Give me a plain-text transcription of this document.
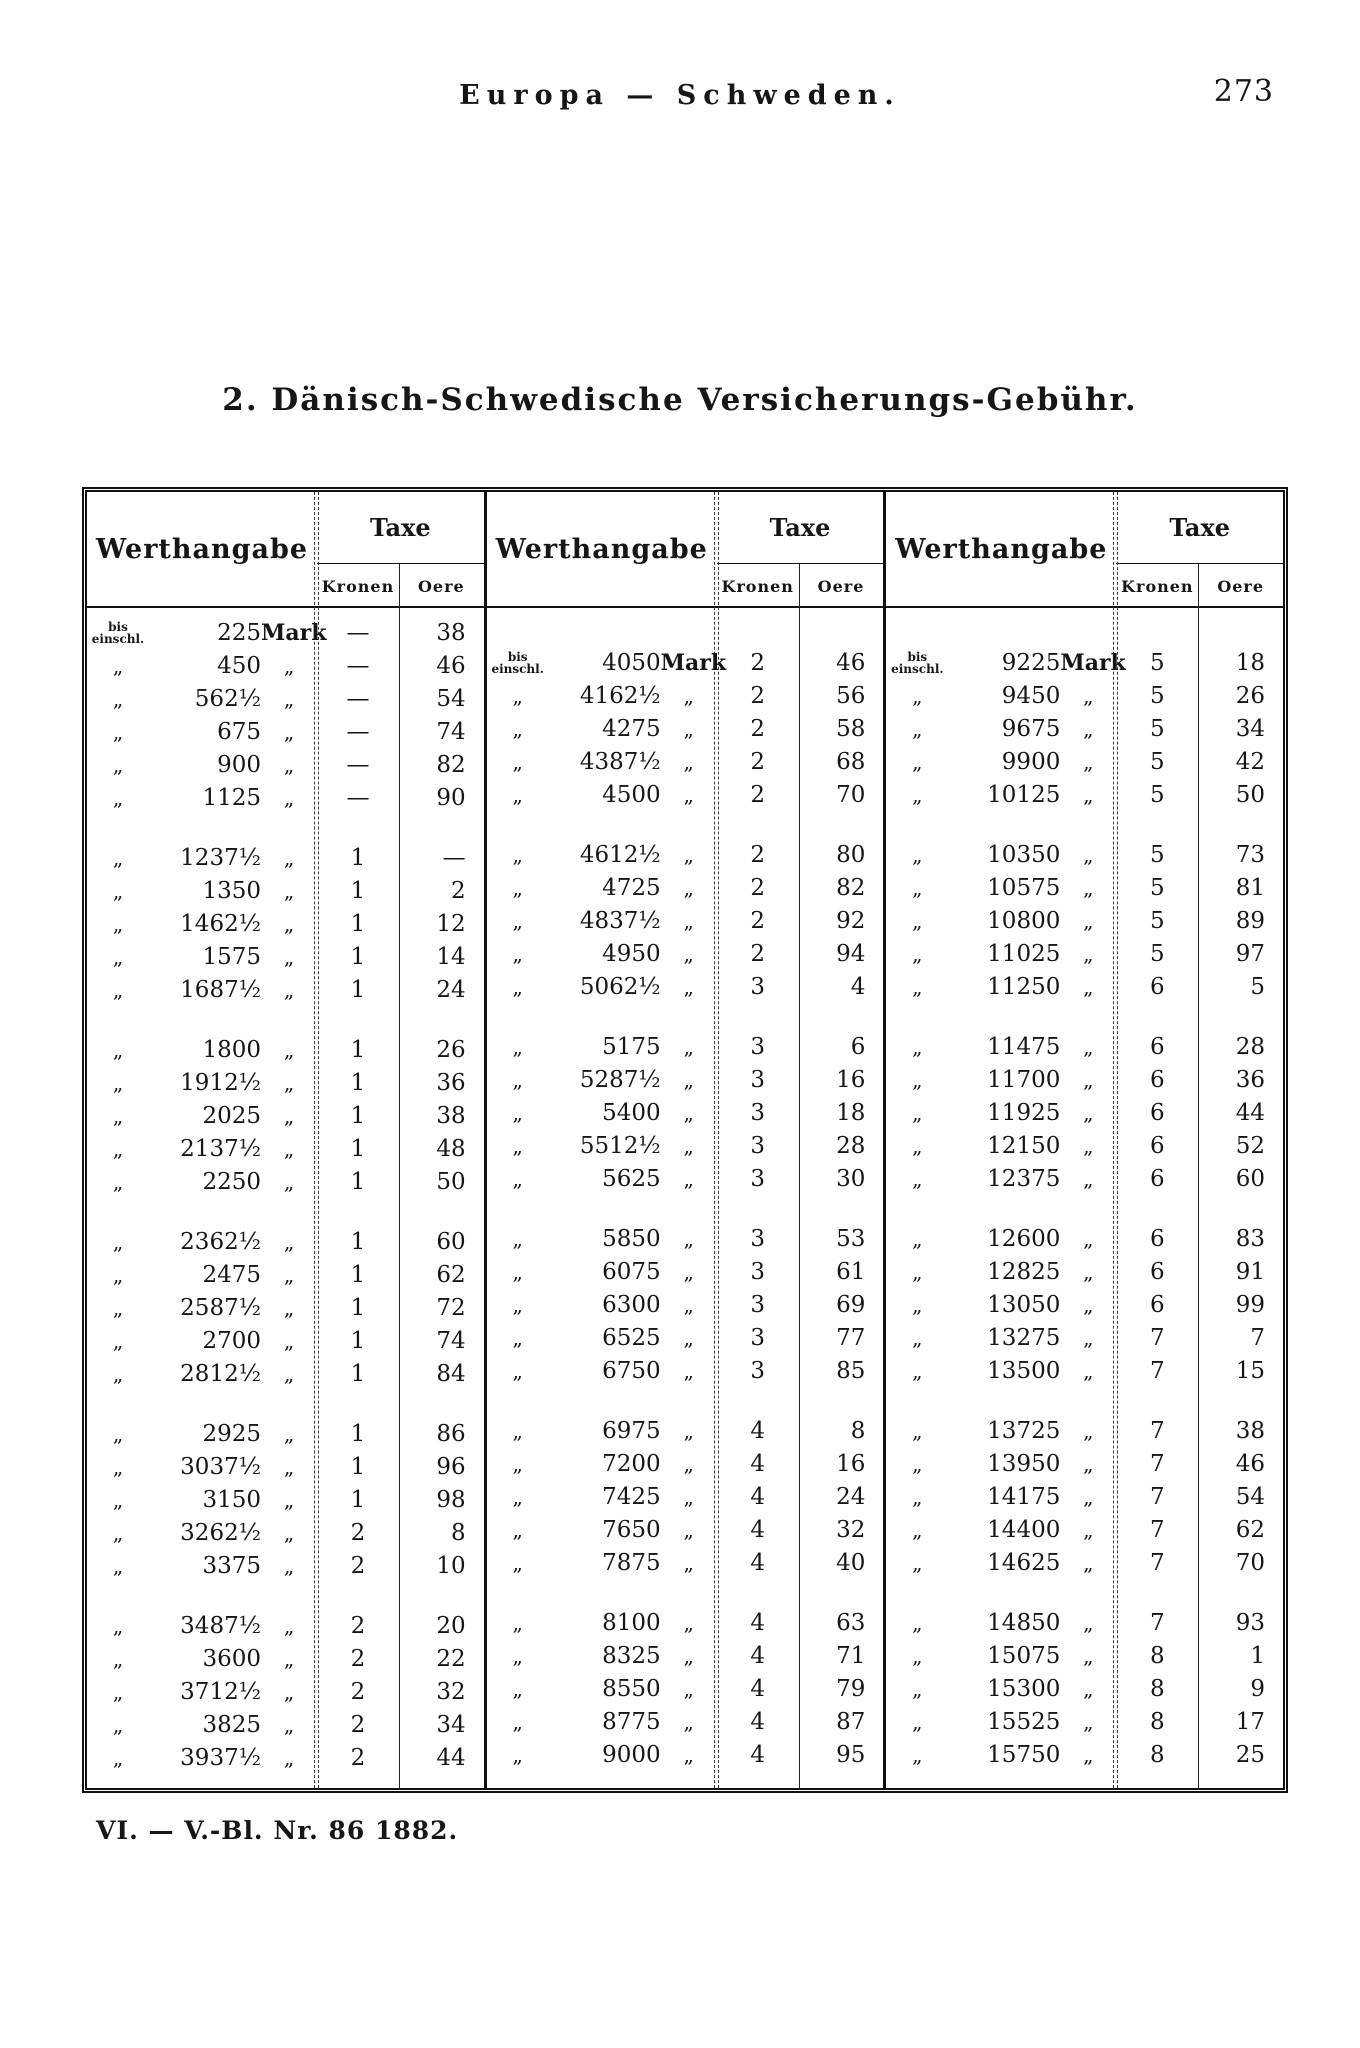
Europa — Schweden.	273
2. Dänisch-Schwedische Versicherungs-Gebühr.
Werthangabe
Taxe
Kronen	Oere
bis
einschl.	225 Mark —	38
„	450	„	—	46
„	562½	„	—	54
„	675	„	—	74
„	900	„	—	82
„	1125	„	—	90
„	1237½	„	1	—
„	1350	„	1	2
„	1462½	„	1	12
„	1575	„	1	14
„	1687½	„	1	24
„	1800	„	1	26
„	1912½	„	1	36
„	2025	„	1	38
„	2137½	„	1	48
„	2250	„	1	50
„	2362½	„	1	60
„	2475	„	1	62
„	2587½	„	1	72
„	2700	„	1	74
„	2812½	„	1	84
„	2925	„	1	86
„	3037½	„	1	96
„	3150	„	1	98
„	3262½	„	2	8
„	3375	„	2	10
„	3487½	„	2	20
„	3600	„	2	22
„	3712½	„	2	32
„	3825	„	2	34
„	3937½	„	2	44
Werthangabe
Taxe
Kronen	Oere
bis
einschl.	4050 Mark	2	46
„	4162½	„	2	56
„	4275	„	2	58
„	4387½	„	2	68
„	4500	„	2	70
„	4612½	„	2	80
„	4725	„	2	82
„	4837½	„	2	92
„	4950	„	2	94
„	5062½	„	3	4
„	5175	„	3	6
„	5287½	„	3	16
„	5400	„	3	18
„	5512½	„	3	28
„	5625	„	3	30
„	5850	„	3	53
„	6075	„	3	61
„	6300	„	3	69
„	6525	„	3	77
„	6750	„	3	85
„	6975	„	4	8
„	7200	„	4	16
„	7425	„	4	24
„	7650	„	4	32
„	7875	„	4	40
„	8100	„	4	63
„	8325	„	4	71
„	8550	„	4	79
„	8775	„	4	87
„	9000	„	4	95
Werthangabe
Taxe
Kronen	Oere
bis
einschl.	9225 Mark	5	18
„	9450	„	5	26
„	9675	„	5	34
„	9900	„	5	42
„	10125	„	5	50
„	10350	„	5	73
„	10575	„	5	81
„	10800	„	5	89
„	11025	„	5	97
„	11250	„	6	5
„	11475	„	6	28
„	11700	„	6	36
„	11925	„	6	44
„	12150	„	6	52
„	12375	„	6	60
„	12600	„	6	83
„	12825	„	6	91
„	13050	„	6	99
„	13275	„	7	7
„	13500	„	7	15
„	13725	„	7	38
„	13950	„	7	46
„	14175	„	7	54
„	14400	„	7	62
„	14625	„	7	70
„	14850	„	7	93
„	15075	„	8	1
„	15300	„	8	9
„	15525	„	8	17
„	15750	„	8	25
VI. — V.-Bl. Nr. 86 1882.
